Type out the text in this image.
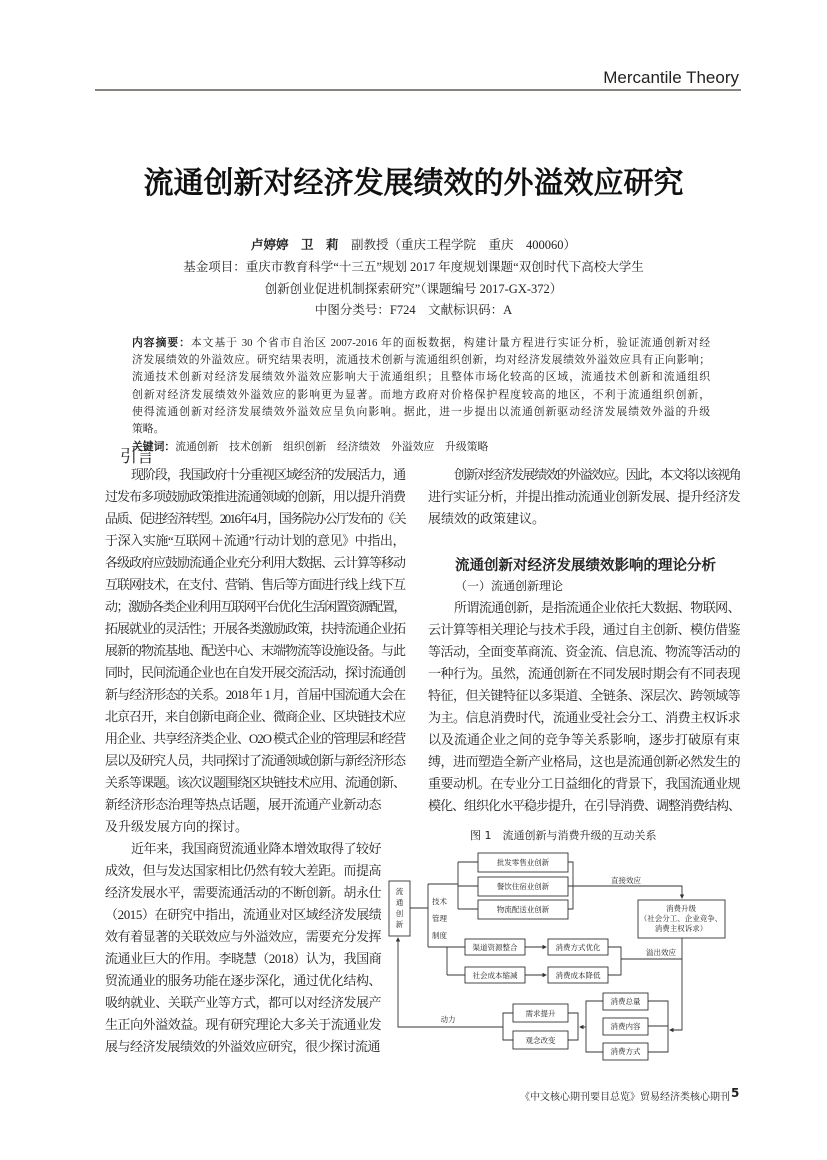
Mercantile Theory
流通创新对经济发展绩效的外溢效应研究
卢婷婷　卫　莉　 副教授（重庆工程学院　重庆　400060）
基金项目：重庆市教育科学“十三五”规划 2017 年度规划课题“双创时代下高校大学生
创新创业促进机制探索研究”（课题编号 2017-GX-372）
中图分类号：F724　文献标识码：A
内容摘要：本文基于 30 个省市自治区 2007-2016 年的面板数据，构建计量方程进行实证分析，验证流通创新对经
济发展绩效的外溢效应。研究结果表明，流通技术创新与流通组织创新，均对经济发展绩效外溢效应具有正向影响；
流通技术创新对经济发展绩效外溢效应影响大于流通组织；且整体市场化较高的区域，流通技术创新和流通组织
创新对经济发展绩效外溢效应的影响更为显著。而地方政府对价格保护程度较高的地区，不利于流通组织创新，
使得流通创新对经济发展绩效外溢效应呈负向影响。据此，进一步提出以流通创新驱动经济发展绩效外溢的升级
策略。
关键词：流通创新　技术创新　组织创新　经济绩效　外溢效应　升级策略
引言
现阶段，我国政府十分重视区域经济的发展活力，通
过发布多项鼓励政策推进流通领域的创新，用以提升消费
品质、促进经济转型。2016年4月，国务院办公厅发布的《关
于深入实施“互联网＋流通”行动计划的意见》中指出，
各级政府应鼓励流通企业充分利用大数据、云计算等移动
互联网技术，在支付、营销、售后等方面进行线上线下互
动；激励各类企业利用互联网平台优化生活闲置资源配置，
拓展就业的灵活性；开展各类激励政策，扶持流通企业拓
展新的物流基地、配送中心、末端物流等设施设备。与此
同时，民间流通企业也在自发开展交流活动，探讨流通创
新与经济形态的关系。2018 年 1 月，首届中国流通大会在
北京召开，来自创新电商企业、微商企业、区块链技术应
用企业、共享经济类企业、O2O 模式企业的管理层和经营
层以及研究人员，共同探讨了流通领域创新与新经济形态
关系等课题。该次议题围绕区块链技术应用、流通创新、
新经济形态治理等热点话题，展开流通产业新动态
及升级发展方向的探讨。
近年来，我国商贸流通业降本增效取得了较好
成效，但与发达国家相比仍然有较大差距。而提高
经济发展水平，需要流通活动的不断创新。胡永仕
（2015）在研究中指出，流通业对区域经济发展绩
效有着显著的关联效应与外溢效应，需要充分发挥
流通业巨大的作用。李晓慧（2018）认为，我国商
贸流通业的服务功能在逐步深化，通过优化结构、
吸纳就业、关联产业等方式，都可以对经济发展产
生正向外溢效益。现有研究理论大多关于流通业发
展与经济发展绩效的外溢效应研究，很少探讨流通
创新对经济发展绩效的外溢效应。因此，本文将以该视角
进行实证分析，并提出推动流通业创新发展、提升经济发
展绩效的政策建议。
流通创新对经济发展绩效影响的理论分析
（一）流通创新理论
所谓流通创新，是指流通企业依托大数据、物联网、
云计算等相关理论与技术手段，通过自主创新、模仿借鉴
等活动，全面变革商流、资金流、信息流、物流等活动的
一种行为。虽然，流通创新在不同发展时期会有不同表现
特征，但关键特征以多渠道、全链条、深层次、跨领域等
为主。信息消费时代，流通业受社会分工、消费主权诉求
以及流通企业之间的竞争等关系影响，逐步打破原有束
缚，进而塑造全新产业格局，这也是流通创新必然发生的
重要动机。在专业分工日益细化的背景下，我国流通业规
模化、组织化水平稳步提升，在引导消费、调整消费结构、
图 1　流通创新与消费升级的互动关系
流
通
创
新
技术
管理
制度
批发零售业创新
餐饮住宿业创新
物流配送业创新
直接效应
消费升级
（社会分工、企业竞争、
消费主权诉求）
渠道资源整合
社会成本缩减
消费方式优化
消费成本降低
溢出效应
消费总量
消费内容
消费方式
需求提升
观念改变
动力
《中文核心期刊要目总览》贸易经济类核心期刊 5
